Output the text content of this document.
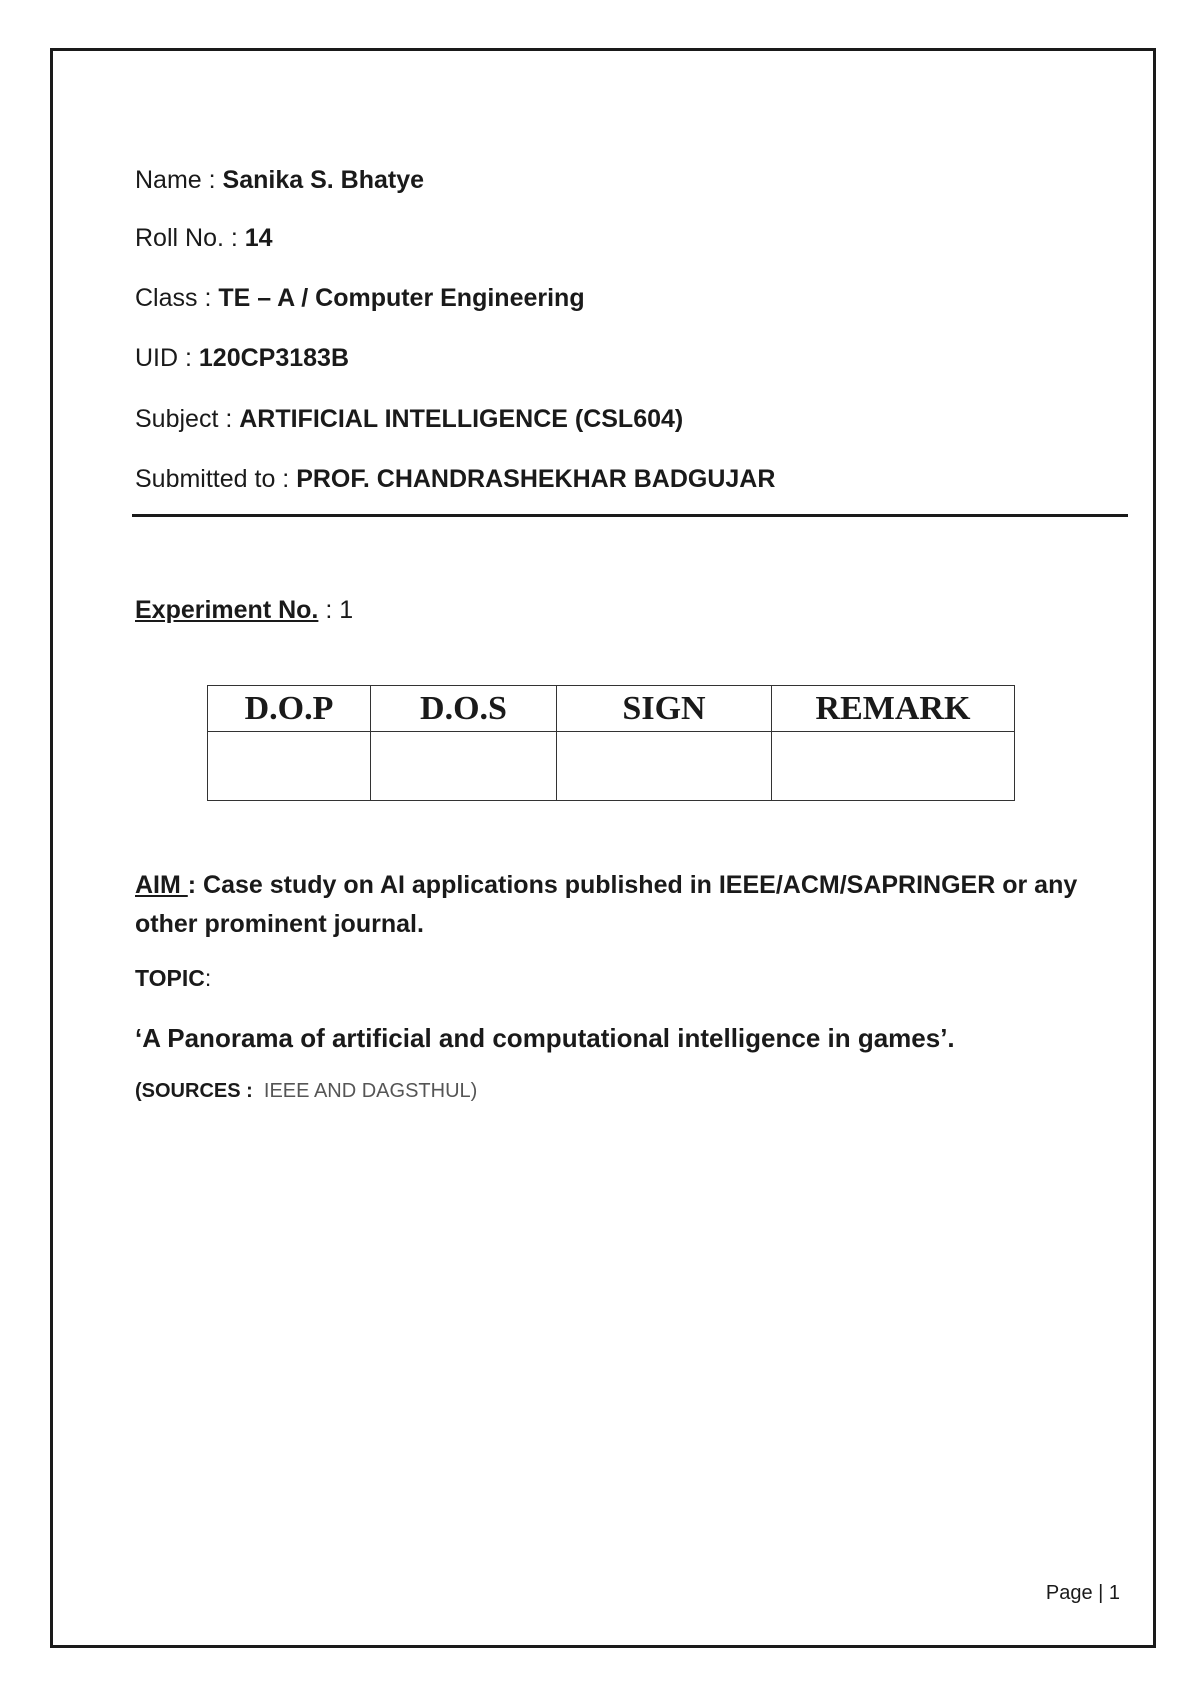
Name : Sanika S. Bhatye
Roll No. : 14
Class : TE – A / Computer Engineering
UID : 120CP3183B
Subject : ARTIFICIAL INTELLIGENCE (CSL604)
Submitted to : PROF. CHANDRASHEKHAR BADGUJAR
Experiment No. : 1
D.O.P	D.O.S	SIGN	REMARK

AIM : Case study on AI applications published in IEEE/ACM/SAPRINGER or any other prominent journal.
TOPIC:
‘A Panorama of artificial and computational intelligence in games’.
(SOURCES :  IEEE AND DAGSTHUL)
Page | 1
